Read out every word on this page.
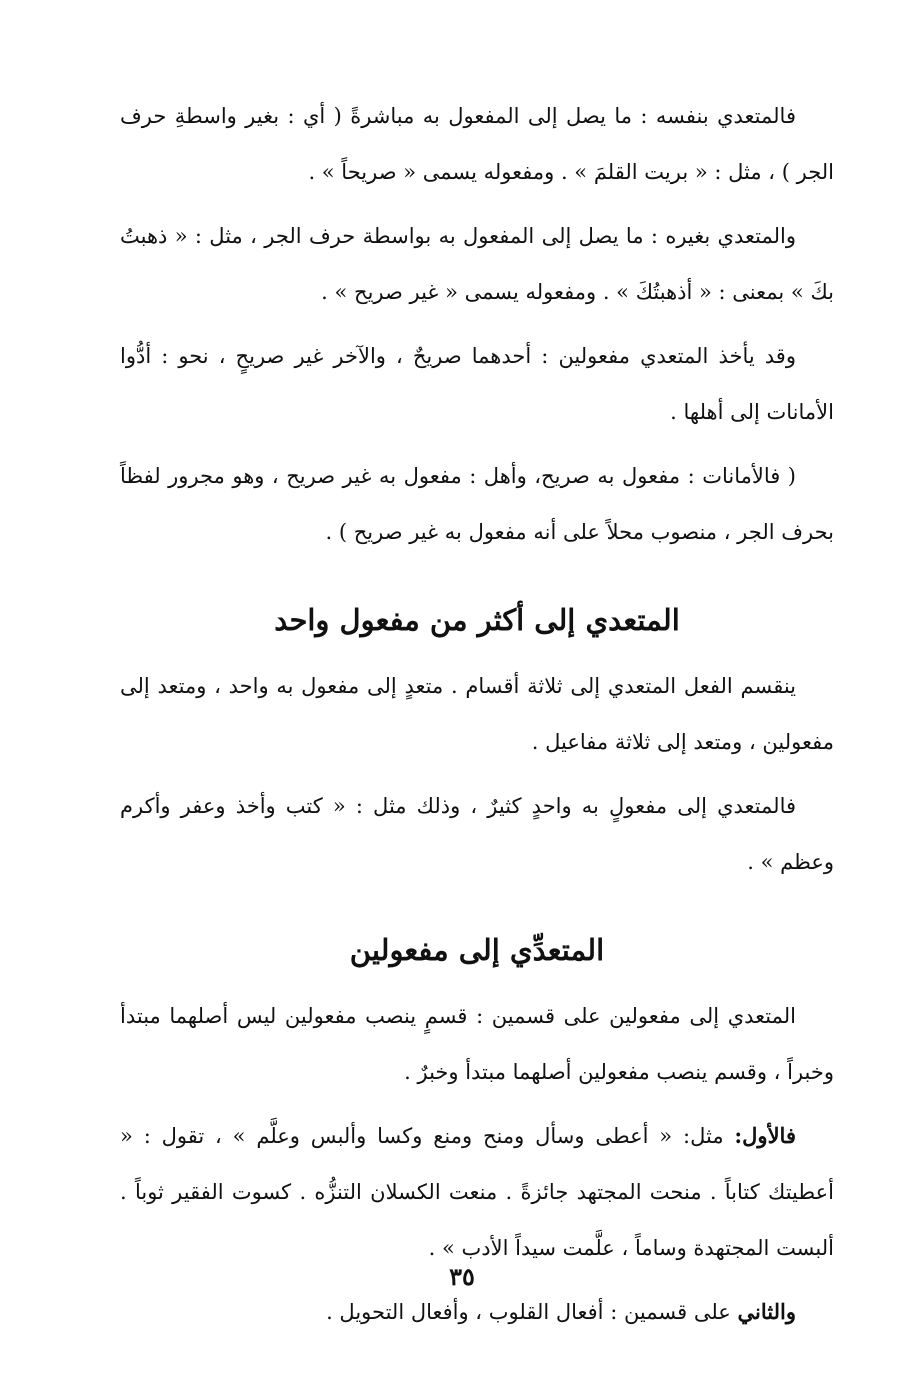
فالمتعدي بنفسه : ما يصل إلى المفعول به مباشرةً ( أي : بغير واسطةِ حرف الجر ) ، مثل : « بريت القلمَ » . ومفعوله يسمى « صريحاً » .

والمتعدي بغيره : ما يصل إلى المفعول به بواسطة حرف الجر ، مثل : « ذهبتُ بكَ » بمعنى : « أذهبتُكَ » . ومفعوله يسمى « غير صريح » .

وقد يأخذ المتعدي مفعولين : أحدهما صريحٌ ، والآخر غير صريحٍ ، نحو : أدُّوا الأمانات إلى أهلها .

( فالأمانات : مفعول به صريح، وأهل : مفعول به غير صريح ، وهو مجرور لفظاً بحرف الجر ، منصوب محلاً على أنه مفعول به غير صريح ) .

المتعدي إلى أكثر من مفعول واحد

ينقسم الفعل المتعدي إلى ثلاثة أقسام . متعدٍ إلى مفعول به واحد ، ومتعد إلى مفعولين ، ومتعد إلى ثلاثة مفاعيل .

فالمتعدي إلى مفعولٍ به واحدٍ كثيرٌ ، وذلك مثل : « كتب وأخذ وعفر وأكرم وعظم » .

المتعدِّي إلى مفعولين

المتعدي إلى مفعولين على قسمين : قسمٍ ينصب مفعولين ليس أصلهما مبتدأ وخبراً ، وقسم ينصب مفعولين أصلهما مبتدأ وخبرٌ .

فالأول: مثل: « أعطى وسأل ومنح ومنع وكسا وألبس وعلَّم » ، تقول : « أعطيتك كتاباً . منحت المجتهد جائزةً . منعت الكسلان التنزُّه . كسوت الفقير ثوباً . ألبست المجتهدة وساماً ، علَّمت سيداً الأدب » .

والثاني على قسمين : أفعال القلوب ، وأفعال التحويل .

٣٥
